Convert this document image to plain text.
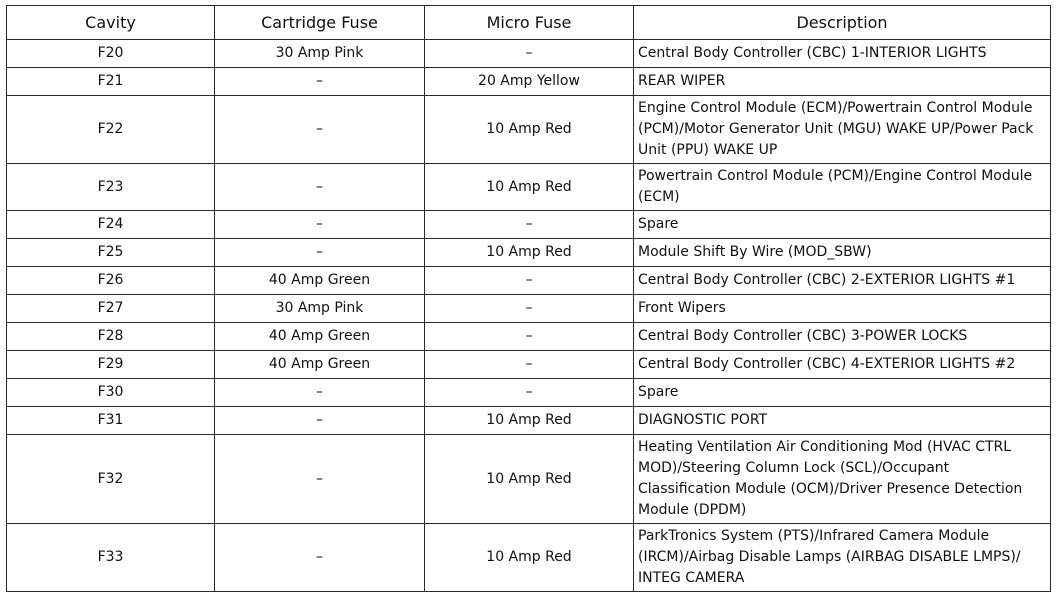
Cavity	Cartridge Fuse	Micro Fuse	Description
F20	30 Amp Pink	–	Central Body Controller (CBC) 1-INTERIOR LIGHTS
F21	–	20 Amp Yellow	REAR WIPER
F22	–	10 Amp Red	Engine Control Module (ECM)/Powertrain Control Module (PCM)/Motor Generator Unit (MGU) WAKE UP/Power Pack Unit (PPU) WAKE UP
F23	–	10 Amp Red	Powertrain Control Module (PCM)/Engine Control Module (ECM)
F24	–	–	Spare
F25	–	10 Amp Red	Module Shift By Wire (MOD_SBW)
F26	40 Amp Green	–	Central Body Controller (CBC) 2-EXTERIOR LIGHTS #1
F27	30 Amp Pink	–	Front Wipers
F28	40 Amp Green	–	Central Body Controller (CBC) 3-POWER LOCKS
F29	40 Amp Green	–	Central Body Controller (CBC) 4-EXTERIOR LIGHTS #2
F30	–	–	Spare
F31	–	10 Amp Red	DIAGNOSTIC PORT
F32	–	10 Amp Red	Heating Ventilation Air Conditioning Mod (HVAC CTRL MOD)/Steering Column Lock (SCL)/Occupant Classification Module (OCM)/Driver Presence Detection Module (DPDM)
F33	–	10 Amp Red	ParkTronics System (PTS)/Infrared Camera Module (IRCM)/Airbag Disable Lamps (AIRBAG DISABLE LMPS)/ INTEG CAMERA
